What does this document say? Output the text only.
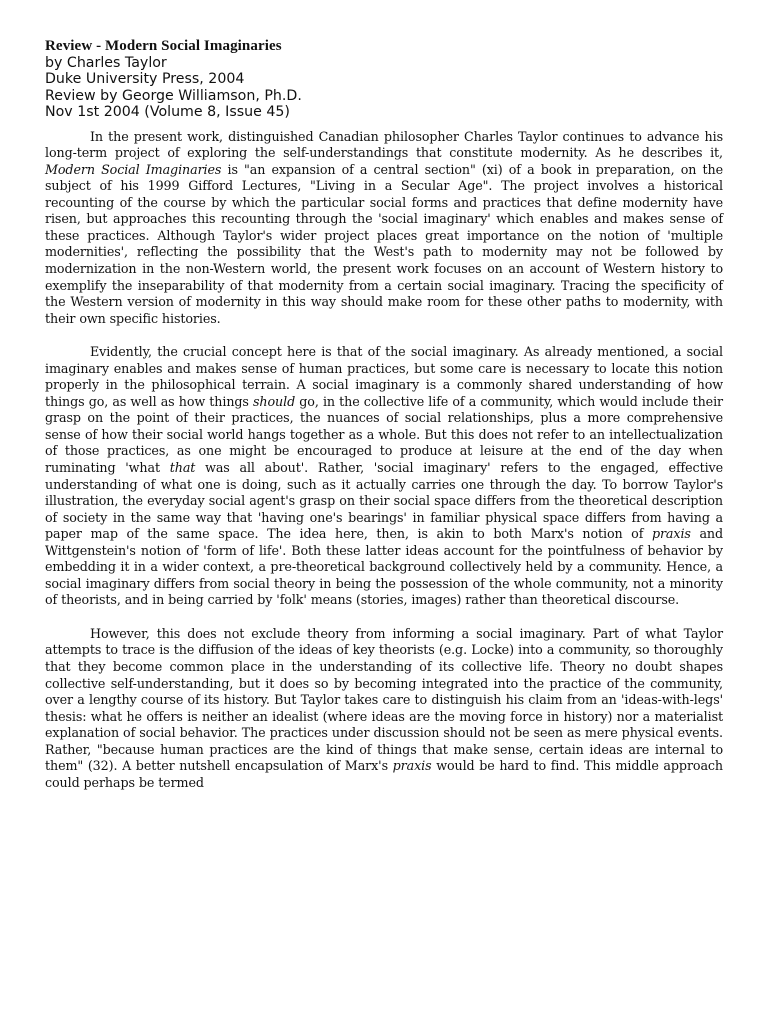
Review - Modern Social Imaginaries

by Charles Taylor

Duke University Press, 2004

Review by George Williamson, Ph.D.

Nov 1st 2004 (Volume 8, Issue 45)

In the present work, distinguished Canadian philosopher Charles Taylor continues to advance his long-term project of exploring the self-understandings that constitute modernity. As he describes it, Modern Social Imaginaries is "an expansion of a central section" (xi) of a book in preparation, on the subject of his 1999 Gifford Lectures, "Living in a Secular Age". The project involves a historical recounting of the course by which the particular social forms and practices that define modernity have risen, but approaches this recounting through the 'social imaginary' which enables and makes sense of these practices. Although Taylor's wider project places great importance on the notion of 'multiple modernities', reflecting the possibility that the West's path to modernity may not be followed by modernization in the non-Western world, the present work focuses on an account of Western history to exemplify the inseparability of that modernity from a certain social imaginary. Tracing the specificity of the Western version of modernity in this way should make room for these other paths to modernity, with their own specific histories.

Evidently, the crucial concept here is that of the social imaginary. As already mentioned, a social imaginary enables and makes sense of human practices, but some care is necessary to locate this notion properly in the philosophical terrain. A social imaginary is a commonly shared understanding of how things go, as well as how things should go, in the collective life of a community, which would include their grasp on the point of their practices, the nuances of social relationships, plus a more comprehensive sense of how their social world hangs together as a whole. But this does not refer to an intellectualization of those practices, as one might be encouraged to produce at leisure at the end of the day when ruminating 'what that was all about'. Rather, 'social imaginary' refers to the engaged, effective understanding of what one is doing, such as it actually carries one through the day. To borrow Taylor's illustration, the everyday social agent's grasp on their social space differs from the theoretical description of society in the same way that 'having one's bearings' in familiar physical space differs from having a paper map of the same space. The idea here, then, is akin to both Marx's notion of praxis and Wittgenstein's notion of 'form of life'. Both these latter ideas account for the pointfulness of behavior by embedding it in a wider context, a pre-theoretical background collectively held by a community. Hence, a social imaginary differs from social theory in being the possession of the whole community, not a minority of theorists, and in being carried by 'folk' means (stories, images) rather than theoretical discourse.

However, this does not exclude theory from informing a social imaginary. Part of what Taylor attempts to trace is the diffusion of the ideas of key theorists (e.g. Locke) into a community, so thoroughly that they become common place in the understanding of its collective life. Theory no doubt shapes collective self-understanding, but it does so by becoming integrated into the practice of the community, over a lengthy course of its history. But Taylor takes care to distinguish his claim from an 'ideas-with-legs' thesis: what he offers is neither an idealist (where ideas are the moving force in history) nor a materialist explanation of social behavior. The practices under discussion should not be seen as mere physical events. Rather, "because human practices are the kind of things that make sense, certain ideas are internal to them" (32). A better nutshell encapsulation of Marx's praxis would be hard to find. This middle approach could perhaps be termed
